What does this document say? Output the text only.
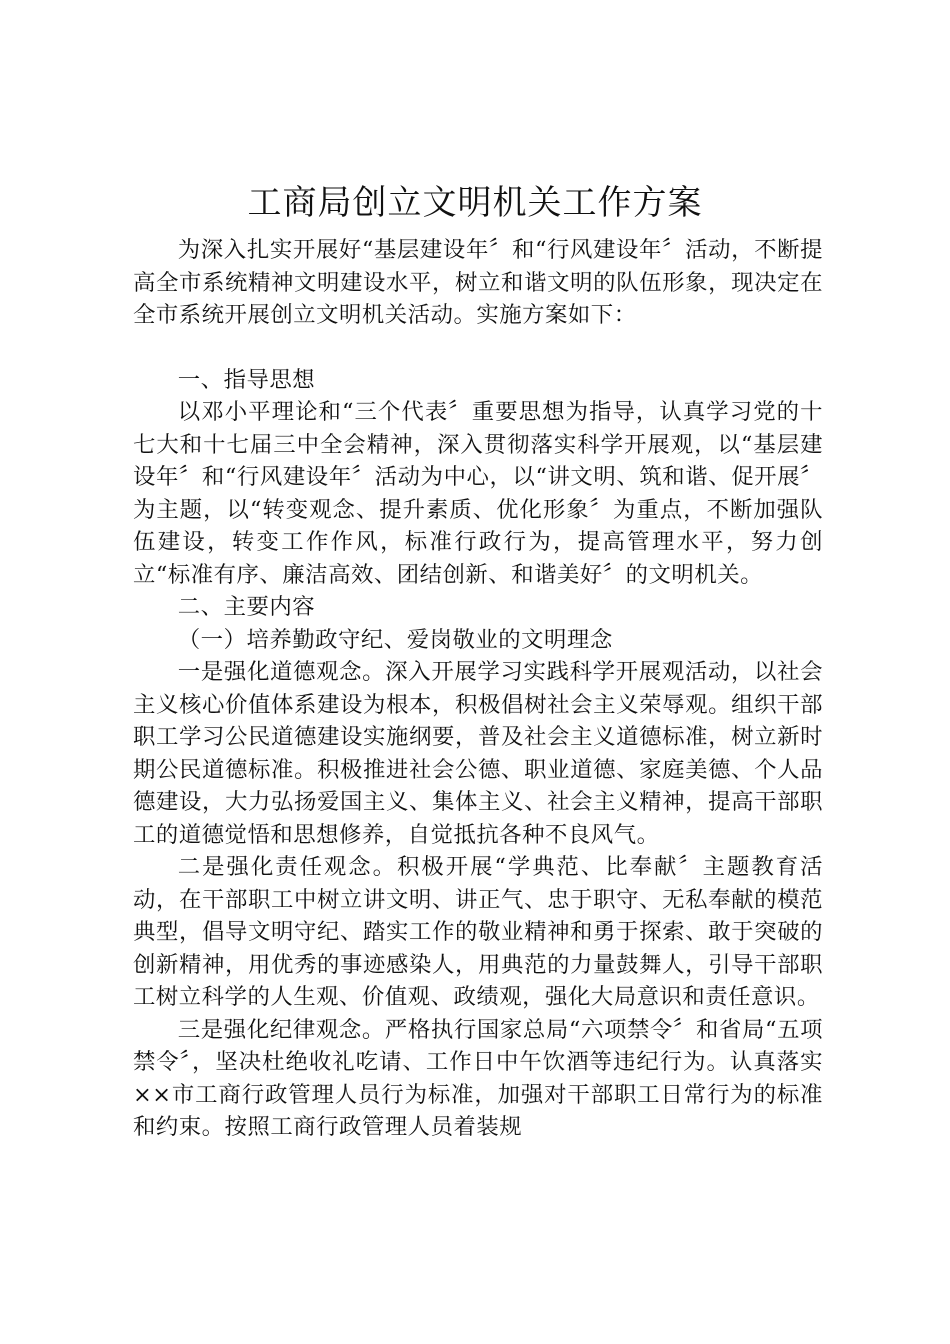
工商局创立文明机关工作方案

为深入扎实开展好“基层建设年〞和“行风建设年〞活动，不断提高全市系统精神文明建设水平，树立和谐文明的队伍形象，现决定在全市系统开展创立文明机关活动。实施方案如下：

一、指导思想

以邓小平理论和“三个代表〞重要思想为指导，认真学习党的十七大和十七届三中全会精神，深入贯彻落实科学开展观，以“基层建设年〞和“行风建设年〞活动为中心，以“讲文明、筑和谐、促开展〞为主题，以“转变观念、提升素质、优化形象〞为重点，不断加强队伍建设，转变工作作风，标准行政行为，提高管理水平，努力创立“标准有序、廉洁高效、团结创新、和谐美好〞的文明机关。

二、主要内容

（一）培养勤政守纪、爱岗敬业的文明理念

一是强化道德观念。深入开展学习实践科学开展观活动，以社会主义核心价值体系建设为根本，积极倡树社会主义荣辱观。组织干部职工学习公民道德建设实施纲要，普及社会主义道德标准，树立新时期公民道德标准。积极推进社会公德、职业道德、家庭美德、个人品德建设，大力弘扬爱国主义、集体主义、社会主义精神，提高干部职工的道德觉悟和思想修养，自觉抵抗各种不良风气。

二是强化责任观念。积极开展“学典范、比奉献〞主题教育活动，在干部职工中树立讲文明、讲正气、忠于职守、无私奉献的模范典型，倡导文明守纪、踏实工作的敬业精神和勇于探索、敢于突破的创新精神，用优秀的事迹感染人，用典范的力量鼓舞人，引导干部职工树立科学的人生观、价值观、政绩观，强化大局意识和责任意识。

三是强化纪律观念。严格执行国家总局“六项禁令〞和省局“五项禁令〞，坚决杜绝收礼吃请、工作日中午饮酒等违纪行为。认真落实××市工商行政管理人员行为标准，加强对干部职工日常行为的标准和约束。按照工商行政管理人员着装规
